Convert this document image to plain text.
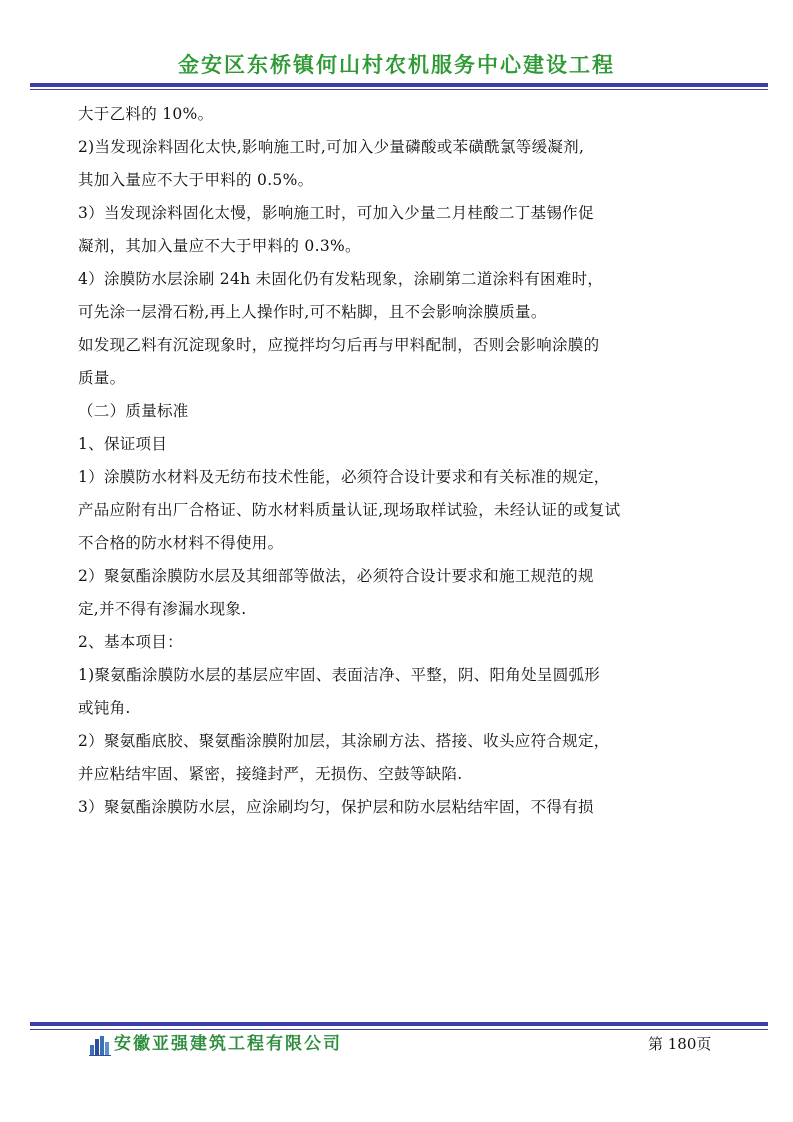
金安区东桥镇何山村农机服务中心建设工程

大于乙料的 10%。

2)当发现涂料固化太快,影响施工时,可加入少量磷酸或苯磺酰氯等缓凝剂,

其加入量应不大于甲料的 0.5%。

3）当发现涂料固化太慢，影响施工时，可加入少量二月桂酸二丁基锡作促

凝剂，其加入量应不大于甲料的 0.3%。

4）涂膜防水层涂刷 24h 未固化仍有发粘现象，涂刷第二道涂料有困难时，

可先涂一层滑石粉,再上人操作时,可不粘脚，且不会影响涂膜质量。

如发现乙料有沉淀现象时，应搅拌均匀后再与甲料配制，否则会影响涂膜的

质量。

（二）质量标准

1、保证项目

1）涂膜防水材料及无纺布技术性能，必须符合设计要求和有关标准的规定，

产品应附有出厂合格证、防水材料质量认证,现场取样试验，未经认证的或复试

不合格的防水材料不得使用。

2）聚氨酯涂膜防水层及其细部等做法，必须符合设计要求和施工规范的规

定,并不得有渗漏水现象.

2、基本项目：

1)聚氨酯涂膜防水层的基层应牢固、表面洁净、平整，阴、阳角处呈圆弧形

或钝角.

2）聚氨酯底胶、聚氨酯涂膜附加层，其涂刷方法、搭接、收头应符合规定，

并应粘结牢固、紧密，接缝封严，无损伤、空鼓等缺陷.

3）聚氨酯涂膜防水层，应涂刷均匀，保护层和防水层粘结牢固，不得有损

安徽亚强建筑工程有限公司	第 180页
